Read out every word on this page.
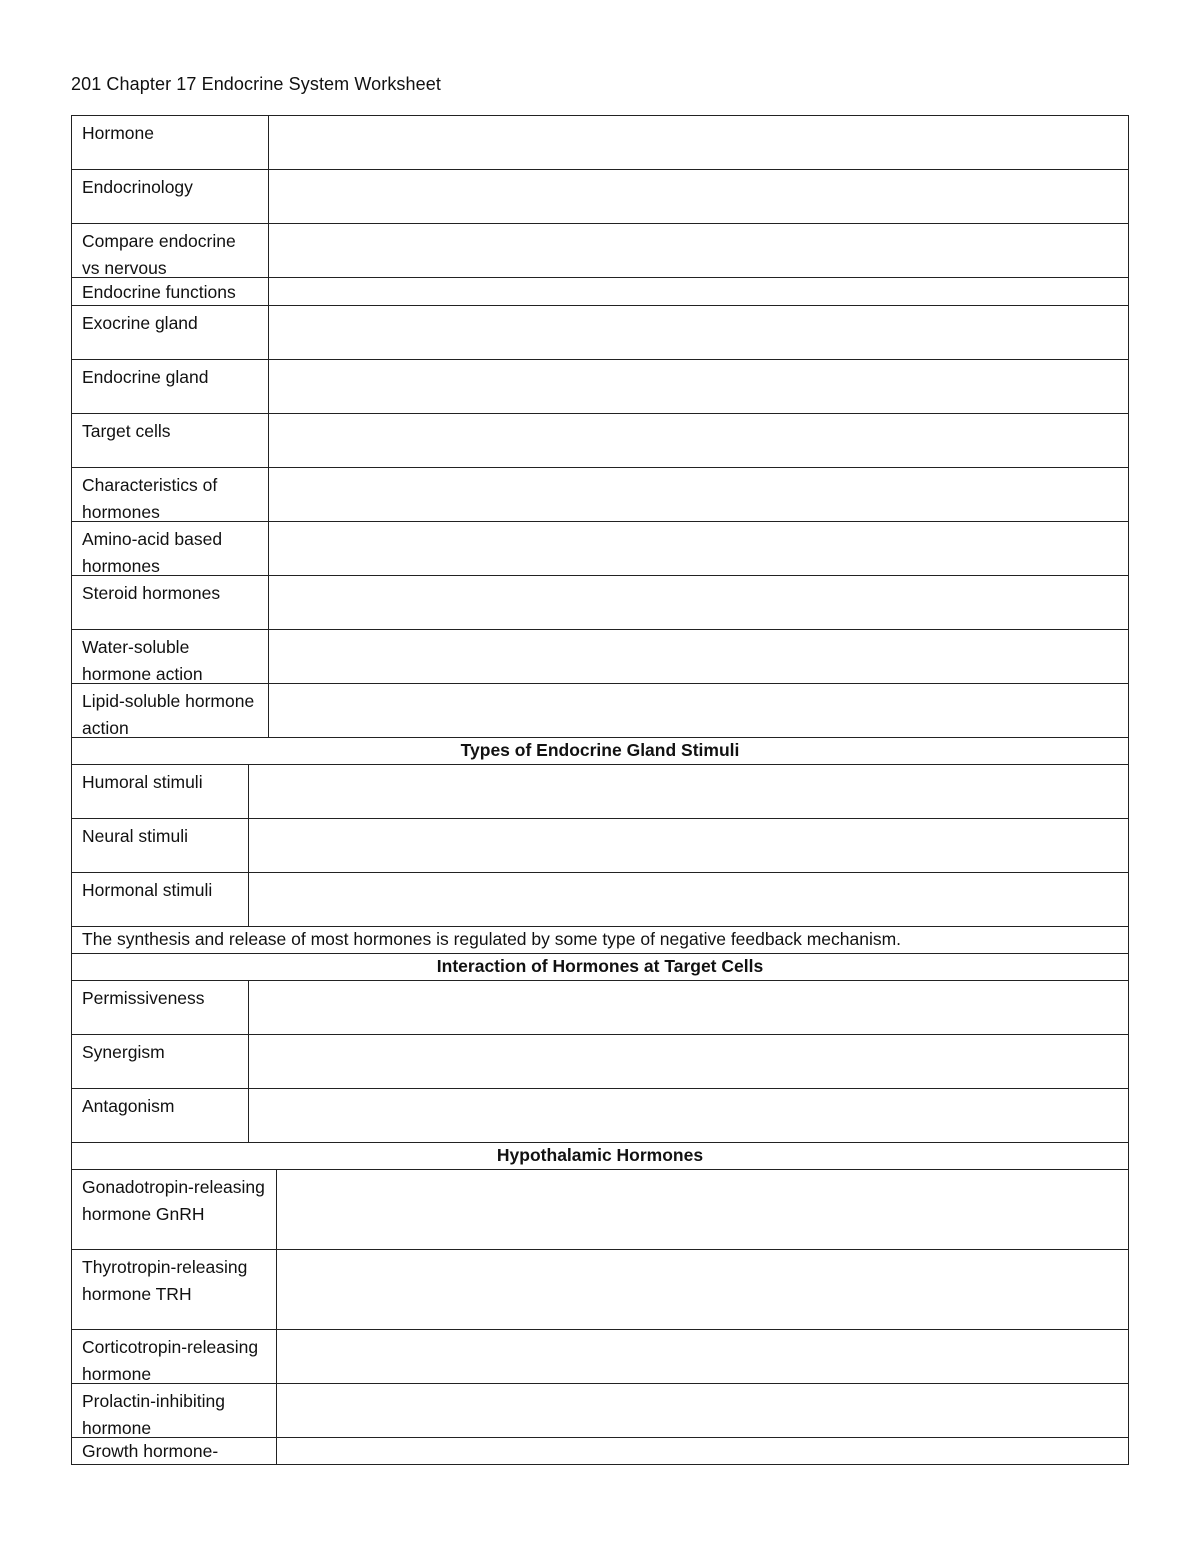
201 Chapter 17 Endocrine System Worksheet
Hormone
Endocrinology
Compare endocrine vs nervous
Endocrine functions
Exocrine gland
Endocrine gland
Target cells
Characteristics of hormones
Amino-acid based hormones
Steroid hormones
Water-soluble hormone action
Lipid-soluble hormone action
Types of Endocrine Gland Stimuli
Humoral stimuli
Neural stimuli
Hormonal stimuli
The synthesis and release of most hormones is regulated by some type of negative feedback mechanism.
Interaction of Hormones at Target Cells
Permissiveness
Synergism
Antagonism
Hypothalamic Hormones
Gonadotropin-releasing hormone GnRH
Thyrotropin-releasing hormone TRH
Corticotropin-releasing hormone
Prolactin-inhibiting hormone
Growth hormone-
